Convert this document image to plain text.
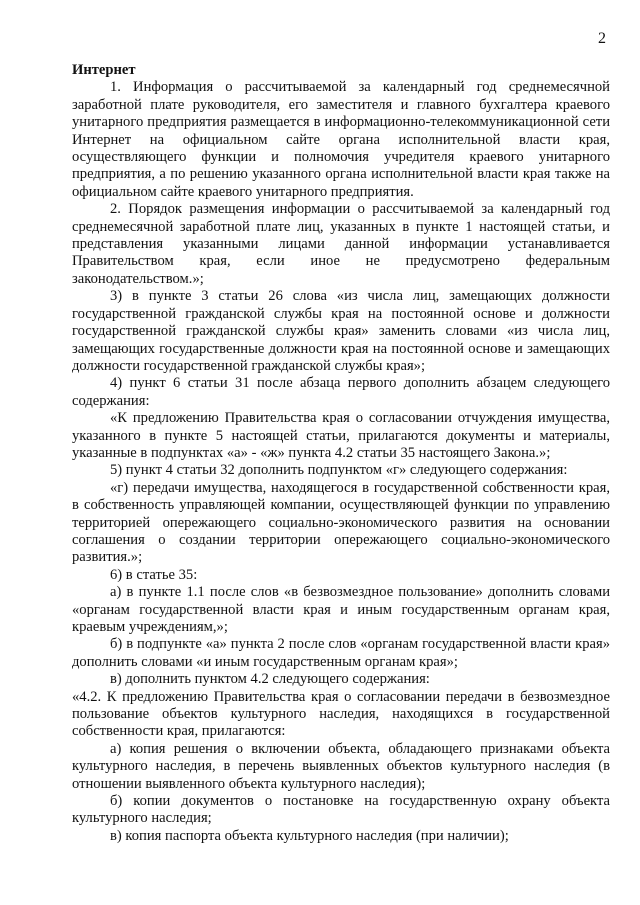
2

Интернет

1. Информация о рассчитываемой за календарный год среднемесячной заработной плате руководителя, его заместителя и главного бухгалтера краевого унитарного предприятия размещается в информационно-телекоммуникационной сети Интернет на официальном сайте органа исполнительной власти края, осуществляющего функции и полномочия учредителя краевого унитарного предприятия, а по решению указанного органа исполнительной власти края также на официальном сайте краевого унитарного предприятия.

2. Порядок размещения информации о рассчитываемой за календарный год среднемесячной заработной плате лиц, указанных в пункте 1 настоящей статьи, и представления указанными лицами данной информации устанавливается Правительством края, если иное не предусмотрено федеральным законодательством.»;

3) в пункте 3 статьи 26 слова «из числа лиц, замещающих должности государственной гражданской службы края на постоянной основе и должности государственной гражданской службы края» заменить словами «из числа лиц, замещающих государственные должности края на постоянной основе и замещающих должности государственной гражданской службы края»;

4) пункт 6 статьи 31 после абзаца первого дополнить абзацем следующего содержания:

«К предложению Правительства края о согласовании отчуждения имущества, указанного в пункте 5 настоящей статьи, прилагаются документы и материалы, указанные в подпунктах «а» - «ж» пункта 4.2 статьи 35 настоящего Закона.»;

5) пункт 4 статьи 32 дополнить подпунктом «г» следующего содержания:

«г) передачи имущества, находящегося в государственной собственности края, в собственность управляющей компании, осуществляющей функции по управлению территорией опережающего социально-экономического развития на основании соглашения о создании территории опережающего социально-экономического развития.»;

6) в статье 35:

а) в пункте 1.1 после слов «в безвозмездное пользование» дополнить словами «органам государственной власти края и иным государственным органам края, краевым учреждениям,»;

б) в подпункте «а» пункта 2 после слов «органам государственной власти края» дополнить словами «и иным государственным органам края»;

в) дополнить пунктом 4.2 следующего содержания:

«4.2. К предложению Правительства края о согласовании передачи в безвозмездное пользование объектов культурного наследия, находящихся в государственной собственности края, прилагаются:

а) копия решения о включении объекта, обладающего признаками объекта культурного наследия, в перечень выявленных объектов культурного наследия (в отношении выявленного объекта культурного наследия);

б) копии документов о постановке на государственную охрану объекта культурного наследия;

в) копия паспорта объекта культурного наследия (при наличии);
